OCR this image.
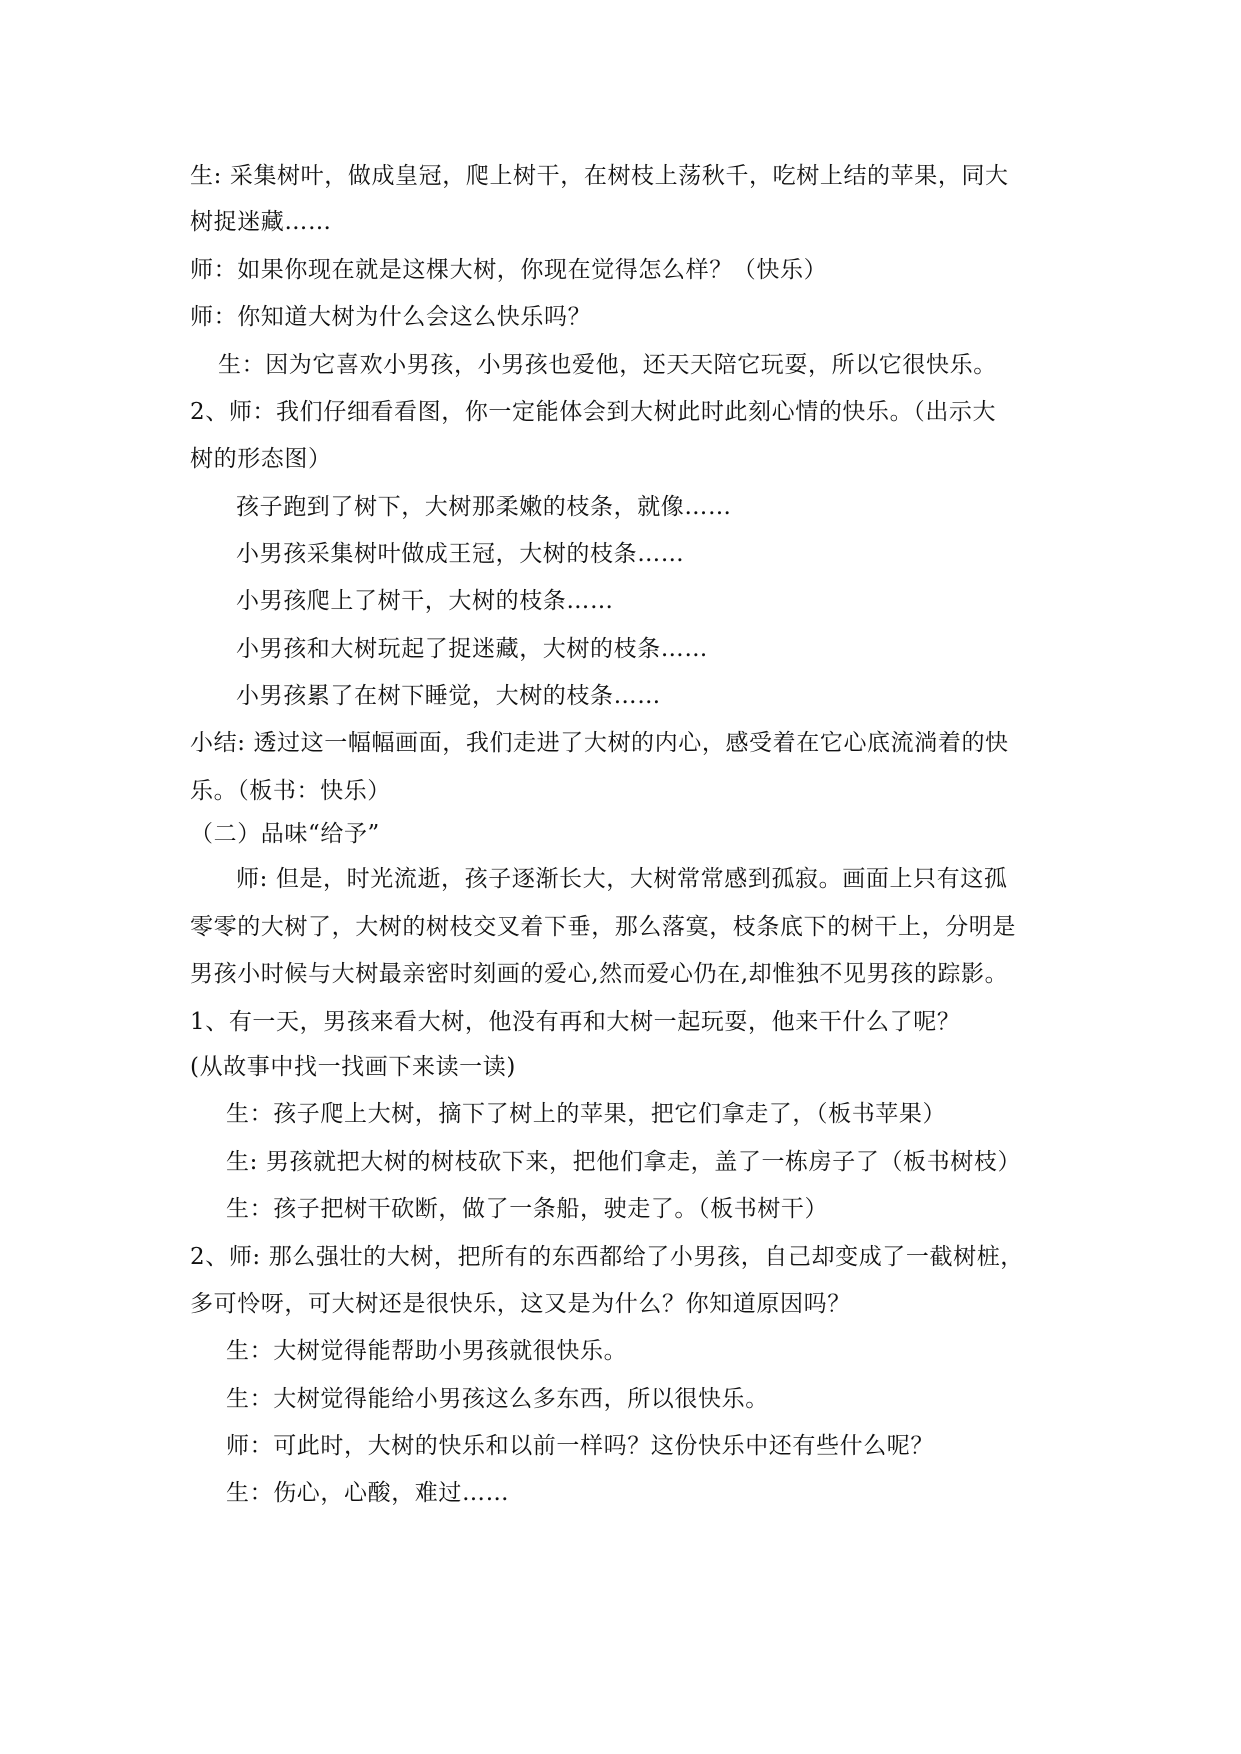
生: 采集树叶，做成皇冠，爬上树干，在树枝上荡秋千，吃树上结的苹果，同大
树捉迷藏……
师：如果你现在就是这棵大树，你现在觉得怎么样？（快乐）
师：你知道大树为什么会这么快乐吗？
生：因为它喜欢小男孩，小男孩也爱他，还天天陪它玩耍，所以它很快乐。
2、师：我们仔细看看图，你一定能体会到大树此时此刻心情的快乐。（出示大
树的形态图）
孩子跑到了树下，大树那柔嫩的枝条，就像……
小男孩采集树叶做成王冠，大树的枝条……
小男孩爬上了树干，大树的枝条……
小男孩和大树玩起了捉迷藏，大树的枝条……
小男孩累了在树下睡觉，大树的枝条……
小结: 透过这一幅幅画面，我们走进了大树的内心，感受着在它心底流淌着的快
乐。（板书：快乐）
（二）品味“给予”
师: 但是，时光流逝，孩子逐渐长大，大树常常感到孤寂。画面上只有这孤
零零的大树了，大树的树枝交叉着下垂，那么落寞，枝条底下的树干上，分明是
男孩小时候与大树最亲密时刻画的爱心,然而爱心仍在,却惟独不见男孩的踪影。
1、有一天，男孩来看大树，他没有再和大树一起玩耍，他来干什么了呢？
(从故事中找一找画下来读一读)
生：孩子爬上大树，摘下了树上的苹果，把它们拿走了，（板书苹果）
生: 男孩就把大树的树枝砍下来，把他们拿走，盖了一栋房子了（板书树枝）
生：孩子把树干砍断，做了一条船，驶走了。（板书树干）
2、师: 那么强壮的大树，把所有的东西都给了小男孩，自己却变成了一截树桩，
多可怜呀，可大树还是很快乐，这又是为什么？你知道原因吗？
生：大树觉得能帮助小男孩就很快乐。
生：大树觉得能给小男孩这么多东西，所以很快乐。
师：可此时，大树的快乐和以前一样吗？这份快乐中还有些什么呢？
生：伤心，心酸，难过……
